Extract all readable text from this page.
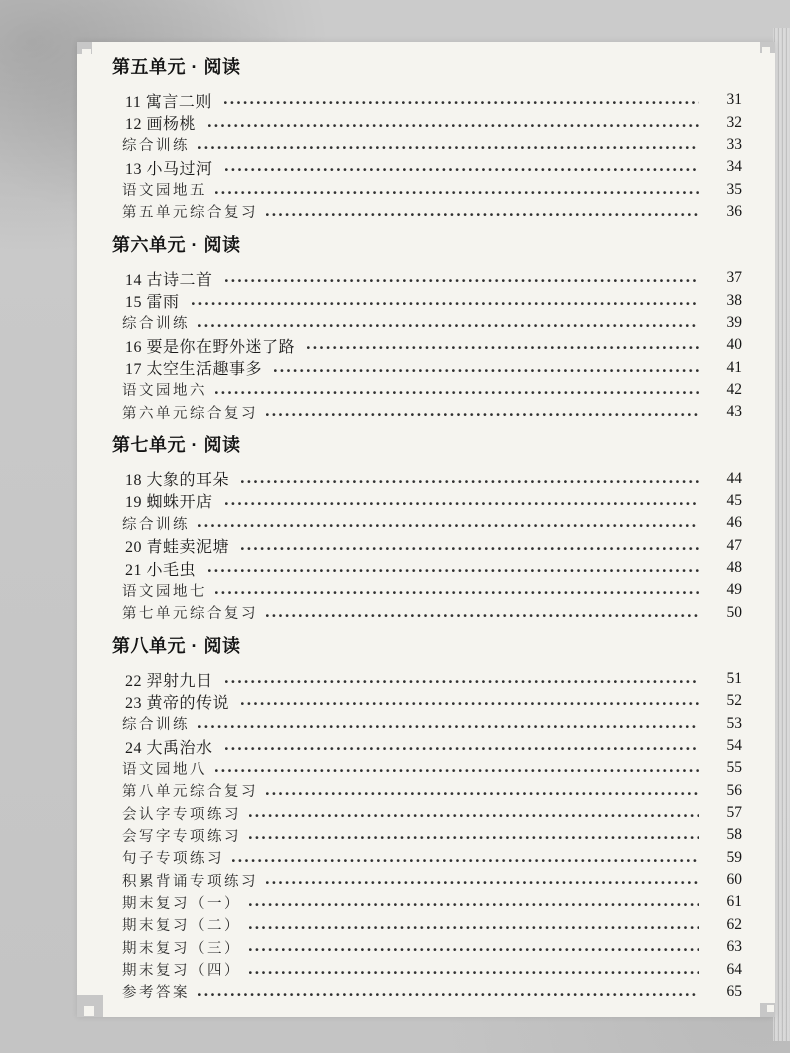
第五单元 · 阅读
11 寓言二则	31
12 画杨桃	32
综合训练	33
13 小马过河	34
语文园地五	35
第五单元综合复习	36
第六单元 · 阅读
14 古诗二首	37
15 雷雨	38
综合训练	39
16 要是你在野外迷了路	40
17 太空生活趣事多	41
语文园地六	42
第六单元综合复习	43
第七单元 · 阅读
18 大象的耳朵	44
19 蜘蛛开店	45
综合训练	46
20 青蛙卖泥塘	47
21 小毛虫	48
语文园地七	49
第七单元综合复习	50
第八单元 · 阅读
22 羿射九日	51
23 黄帝的传说	52
综合训练	53
24 大禹治水	54
语文园地八	55
第八单元综合复习	56
会认字专项练习	57
会写字专项练习	58
句子专项练习	59
积累背诵专项练习	60
期末复习（一）	61
期末复习（二）	62
期末复习（三）	63
期末复习（四）	64
参考答案	65
